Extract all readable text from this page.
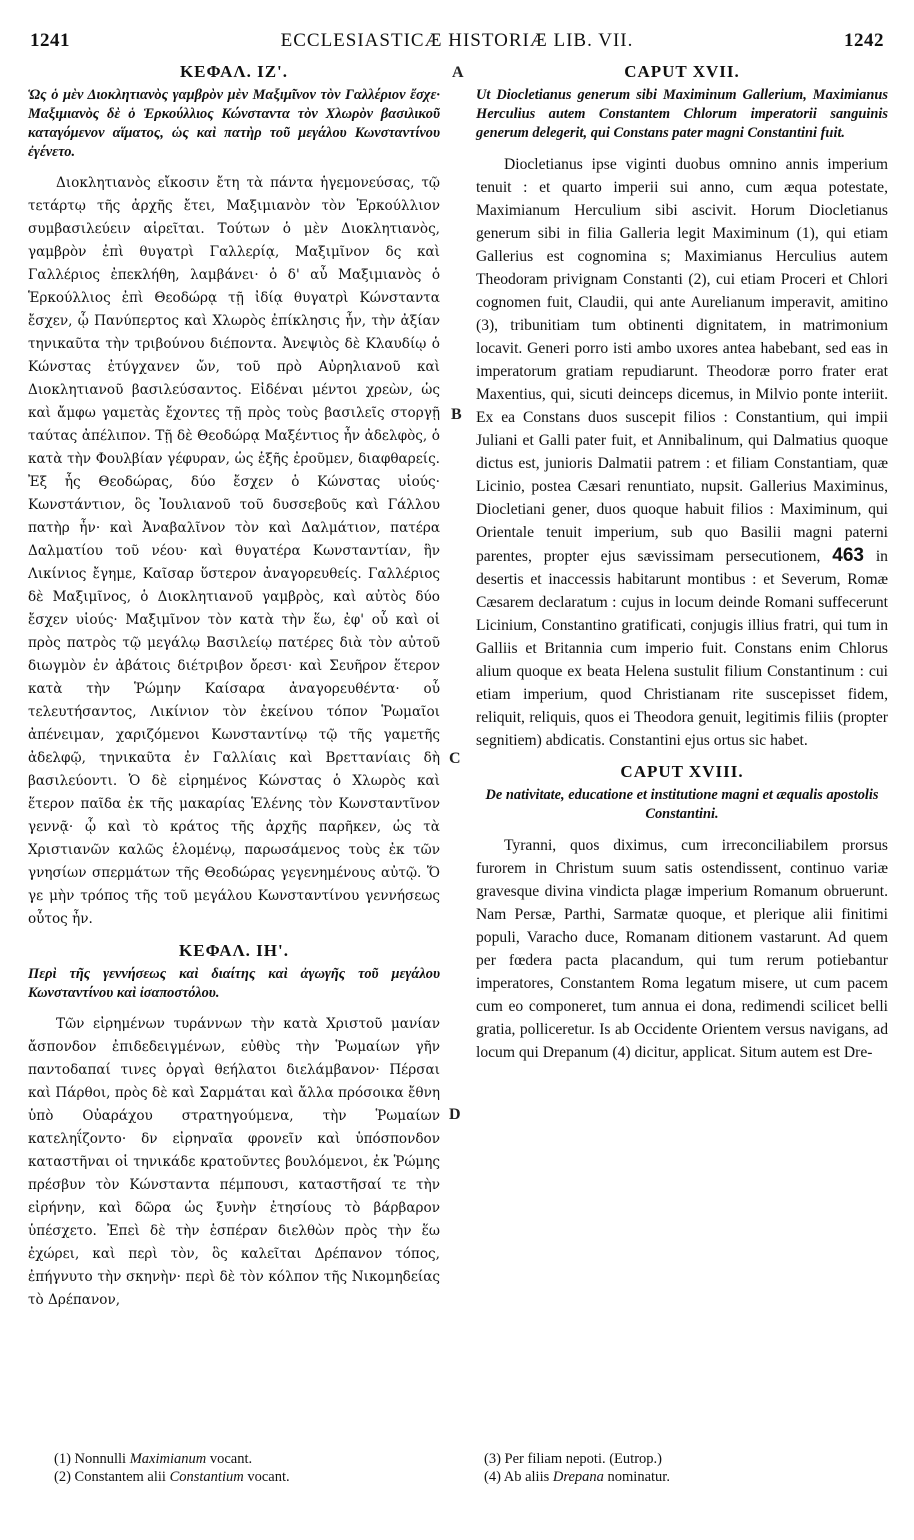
1241	ECCLESIASTICÆ HISTORIÆ LIB. VII.	1242
A
B
C
D
ΚΕΦΑΛ. ΙΖ'.
Ὡς ὁ μὲν Διοκλητιανὸς γαμβρὸν μὲν Μαξιμῖνον τὸν Γαλλέριον ἔσχε· Μαξιμιανὸς δὲ ὁ Ἑρκούλλιος Κώνσταντα τὸν Χλωρὸν βασιλικοῦ καταγόμενον αἵματος, ὡς καὶ πατὴρ τοῦ μεγάλου Κωνσταντίνου ἐγένετο.

Διοκλητιανὸς εἴκοσιν ἔτη τὰ πάντα ἡγεμονεύσας, τῷ τετάρτῳ τῆς ἀρχῆς ἔτει, Μαξιμιανὸν τὸν Ἑρκούλλιον συμβασιλεύειν αἱρεῖται. Τούτων ὁ μὲν Διοκλητιανὸς, γαμβρὸν ἐπὶ θυγατρὶ Γαλλερίᾳ, Μαξιμῖνον δς καὶ Γαλλέριος ἐπεκλήθη, λαμβάνει· ὁ δ' αὖ Μαξιμιανὸς ὁ Ἑρκούλλιος ἐπὶ Θεοδώρᾳ τῇ ἰδίᾳ θυγατρὶ Κώνσταντα ἔσχεν, ᾧ Πανύπερτος καὶ Χλωρὸς ἐπίκλησις ἦν, τὴν ἀξίαν τηνικαῦτα τὴν τριβούνου διέποντα. Ἀνεψιὸς δὲ Κλαυδίῳ ὁ Κώνστας ἐτύγχανεν ὤν, τοῦ πρὸ Αὐρηλιανοῦ καὶ Διοκλητιανοῦ βασιλεύσαντος. Εἰδέναι μέντοι χρεὼν, ὡς καὶ ἄμφω γαμετὰς ἔχοντες τῇ πρὸς τοὺς βασιλεῖς στοργῇ ταύτας ἀπέλιπον. Τῇ δὲ Θεοδώρᾳ Μαξέντιος ἦν ἀδελφὸς, ὁ κατὰ τὴν Φουλβίαν γέφυραν, ὡς ἑξῆς ἐροῦμεν, διαφθαρείς. Ἐξ ἧς Θεοδώρας, δύο ἔσχεν ὁ Κώνστας υἱούς· Κωνστάντιον, ὃς Ἰουλιανοῦ τοῦ δυσσεβοῦς καὶ Γάλλου πατὴρ ἦν· καὶ Ἀναβαλῖνον τὸν καὶ Δαλμάτιον, πατέρα Δαλματίου τοῦ νέου· καὶ θυγατέρα Κωνσταντίαν, ἣν Λικίνιος ἔγημε, Καῖσαρ ὕστερον ἀναγορευθείς. Γαλλέριος δὲ Μαξιμῖνος, ὁ Διοκλητιανοῦ γαμβρὸς, καὶ αὐτὸς δύο ἔσχεν υἱούς· Μαξιμῖνον τὸν κατὰ τὴν ἕω, ἐφ' οὗ καὶ οἱ πρὸς πατρὸς τῷ μεγάλῳ Βασιλείῳ πατέρες διὰ τὸν αὐτοῦ διωγμὸν ἐν ἀβάτοις διέτριβον ὄρεσι· καὶ Σευῆρον ἕτερον κατὰ τὴν Ῥώμην Καίσαρα ἀναγορευθέντα· οὗ τελευτήσαντος, Λικίνιον τὸν ἐκείνου τόπον Ῥωμαῖοι ἀπένειμαν, χαριζόμενοι Κωνσταντίνῳ τῷ τῆς γαμετῆς ἀδελφῷ, τηνικαῦτα ἐν Γαλλίαις καὶ Βρεττανίαις δὴ βασιλεύοντι. Ὁ δὲ εἰρημένος Κώνστας ὁ Χλωρὸς καὶ ἕτερον παῖδα ἐκ τῆς μακαρίας Ἑλένης τὸν Κωνσταντῖνον γεννᾷ· ᾧ καὶ τὸ κράτος τῆς ἀρχῆς παρῆκεν, ὡς τὰ Χριστιανῶν καλῶς ἑλομένῳ, παρωσάμενος τοὺς ἐκ τῶν γνησίων σπερμάτων τῆς Θεοδώρας γεγενημένους αὐτῷ. Ὅ γε μὴν τρόπος τῆς τοῦ μεγάλου Κωνσταντίνου γεννήσεως οὗτος ἦν.

ΚΕΦΑΛ. ΙΗ'.
Περὶ τῆς γεννήσεως καὶ διαίτης καὶ ἀγωγῆς τοῦ μεγάλου Κωνσταντίνου καὶ ἰσαποστόλου.

Τῶν εἰρημένων τυράννων τὴν κατὰ Χριστοῦ μανίαν ἄσπονδον ἐπιδεδειγμένων, εὐθὺς τὴν Ῥωμαίων γῆν παντοδαπαί τινες ὀργαὶ θεήλατοι διελάμβανον· Πέρσαι καὶ Πάρθοι, πρὸς δὲ καὶ Σαρμάται καὶ ἄλλα πρόσοικα ἔθνη ὑπὸ Οὐαράχου στρατηγούμενα, τὴν Ῥωμαίων κατεληΐζοντο· δν εἰρηναῖα φρονεῖν καὶ ὑπόσπονδον καταστῆναι οἱ τηνικάδε κρατοῦντες βουλόμενοι, ἐκ Ῥώμης πρέσβυν τὸν Κώνσταντα πέμπουσι, καταστῆσαί τε τὴν εἰρήνην, καὶ δῶρα ὡς ξυνὴν ἐτησίους τὸ βάρβαρον ὑπέσχετο. Ἐπεὶ δὲ τὴν ἑσπέραν διελθὼν πρὸς τὴν ἕω ἐχώρει, καὶ περὶ τὸν, ὃς καλεῖται Δρέπανον τόπος, ἐπήγνυτο τὴν σκηνὴν· περὶ δὲ τὸν κόλπον τῆς Νικομηδείας τὸ Δρέπανον,

CAPUT XVII.
Ut Diocletianus generum sibi Maximinum Gallerium, Maximianus Herculius autem Constantem Chlorum imperatorii sanguinis generum delegerit, qui Constans pater magni Constantini fuit.

Diocletianus ipse viginti duobus omnino annis imperium tenuit : et quarto imperii sui anno, cum æqua potestate, Maximianum Herculium sibi ascivit. Horum Diocletianus generum sibi in filia Galleria legit Maximinum (1), qui etiam Gallerius est cognomina s; Maximianus Herculius autem Theodoram privignam Constanti (2), cui etiam Proceri et Chlori cognomen fuit, Claudii, qui ante Aurelianum imperavit, amitino (3), tribunitiam tum obtinenti dignitatem, in matrimonium locavit. Generi porro isti ambo uxores antea habebant, sed eas in imperatorum gratiam repudiarunt. Theodoræ porro frater erat Maxentius, qui, sicuti deinceps dicemus, in Milvio ponte interiit. Ex ea Constans duos suscepit filios : Constantium, qui impii Juliani et Galli pater fuit, et Annibalinum, qui Dalmatius quoque dictus est, junioris Dalmatii patrem : et filiam Constantiam, quæ Licinio, postea Cæsari renuntiato, nupsit. Gallerius Maximinus, Diocletiani gener, duos quoque habuit filios : Maximinum, qui Orientale tenuit imperium, sub quo Basilii magni paterni parentes, propter ejus sævissimam persecutionem, 463 in desertis et inaccessis habitarunt montibus : et Severum, Romæ Cæsarem declaratum : cujus in locum deinde Romani suffecerunt Licinium, Constantino gratificati, conjugis illius fratri, qui tum in Galliis et Britannia cum imperio fuit. Constans enim Chlorus alium quoque ex beata Helena sustulit filium Constantinum : cui etiam imperium, quod Christianam rite suscepisset fidem, reliquit, reliquis, quos ei Theodora genuit, legitimis filiis (propter segnitiem) abdicatis. Constantini ejus ortus sic habet.

CAPUT XVIII.
De nativitate, educatione et institutione magni et æqualis apostolis Constantini.

Tyranni, quos diximus, cum irreconciliabilem prorsus furorem in Christum suum satis ostendissent, continuo variæ gravesque divina vindicta plagæ imperium Romanum obruerunt. Nam Persæ, Parthi, Sarmatæ quoque, et plerique alii finitimi populi, Varacho duce, Romanam ditionem vastarunt. Ad quem per fœdera pacta placandum, qui tum rerum potiebantur imperatores, Constantem Roma legatum misere, ut cum pacem cum eo componeret, tum annua ei dona, redimendi scilicet belli gratia, polliceretur. Is ab Occidente Orientem versus navigans, ad locum qui Drepanum (4) dicitur, applicat. Situm autem est Dre-

(1) Nonnulli Maximianum vocant.

(2) Constantem alii Constantium vocant.

(3) Per filiam nepoti. (Eutrop.)

(4) Ab aliis Drepana nominatur.
